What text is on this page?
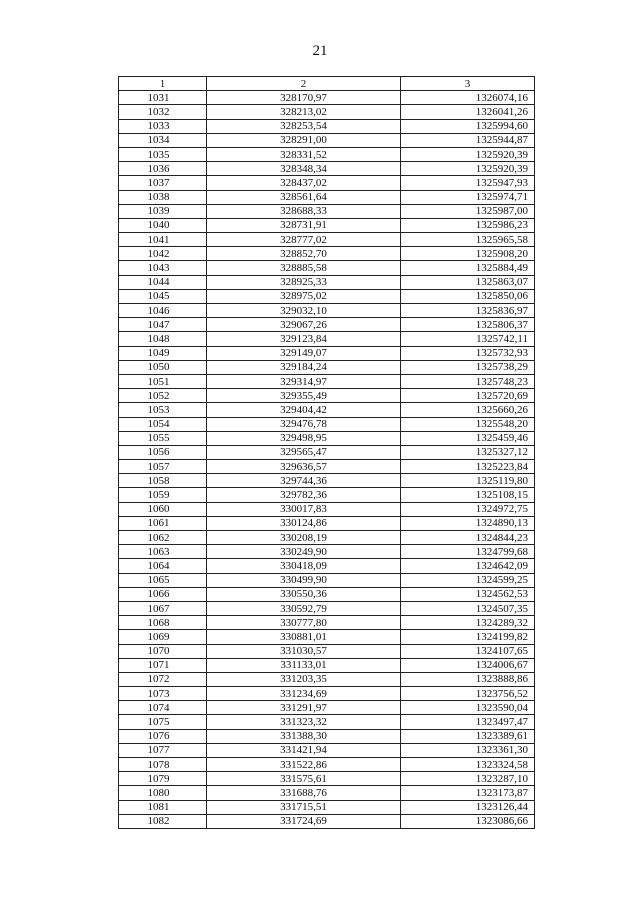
21
1	2	3
1031	328170,97	1326074,16
1032	328213,02	1326041,26
1033	328253,54	1325994,60
1034	328291,00	1325944,87
1035	328331,52	1325920,39
1036	328348,34	1325920,39
1037	328437,02	1325947,93
1038	328561,64	1325974,71
1039	328688,33	1325987,00
1040	328731,91	1325986,23
1041	328777,02	1325965,58
1042	328852,70	1325908,20
1043	328885,58	1325884,49
1044	328925,33	1325863,07
1045	328975,02	1325850,06
1046	329032,10	1325836,97
1047	329067,26	1325806,37
1048	329123,84	1325742,11
1049	329149,07	1325732,93
1050	329184,24	1325738,29
1051	329314,97	1325748,23
1052	329355,49	1325720,69
1053	329404,42	1325660,26
1054	329476,78	1325548,20
1055	329498,95	1325459,46
1056	329565,47	1325327,12
1057	329636,57	1325223,84
1058	329744,36	1325119,80
1059	329782,36	1325108,15
1060	330017,83	1324972,75
1061	330124,86	1324890,13
1062	330208,19	1324844,23
1063	330249,90	1324799,68
1064	330418,09	1324642,09
1065	330499,90	1324599,25
1066	330550,36	1324562,53
1067	330592,79	1324507,35
1068	330777,80	1324289,32
1069	330881,01	1324199,82
1070	331030,57	1324107,65
1071	331133,01	1324006,67
1072	331203,35	1323888,86
1073	331234,69	1323756,52
1074	331291,97	1323590,04
1075	331323,32	1323497,47
1076	331388,30	1323389,61
1077	331421,94	1323361,30
1078	331522,86	1323324,58
1079	331575,61	1323287,10
1080	331688,76	1323173,87
1081	331715,51	1323126,44
1082	331724,69	1323086,66
